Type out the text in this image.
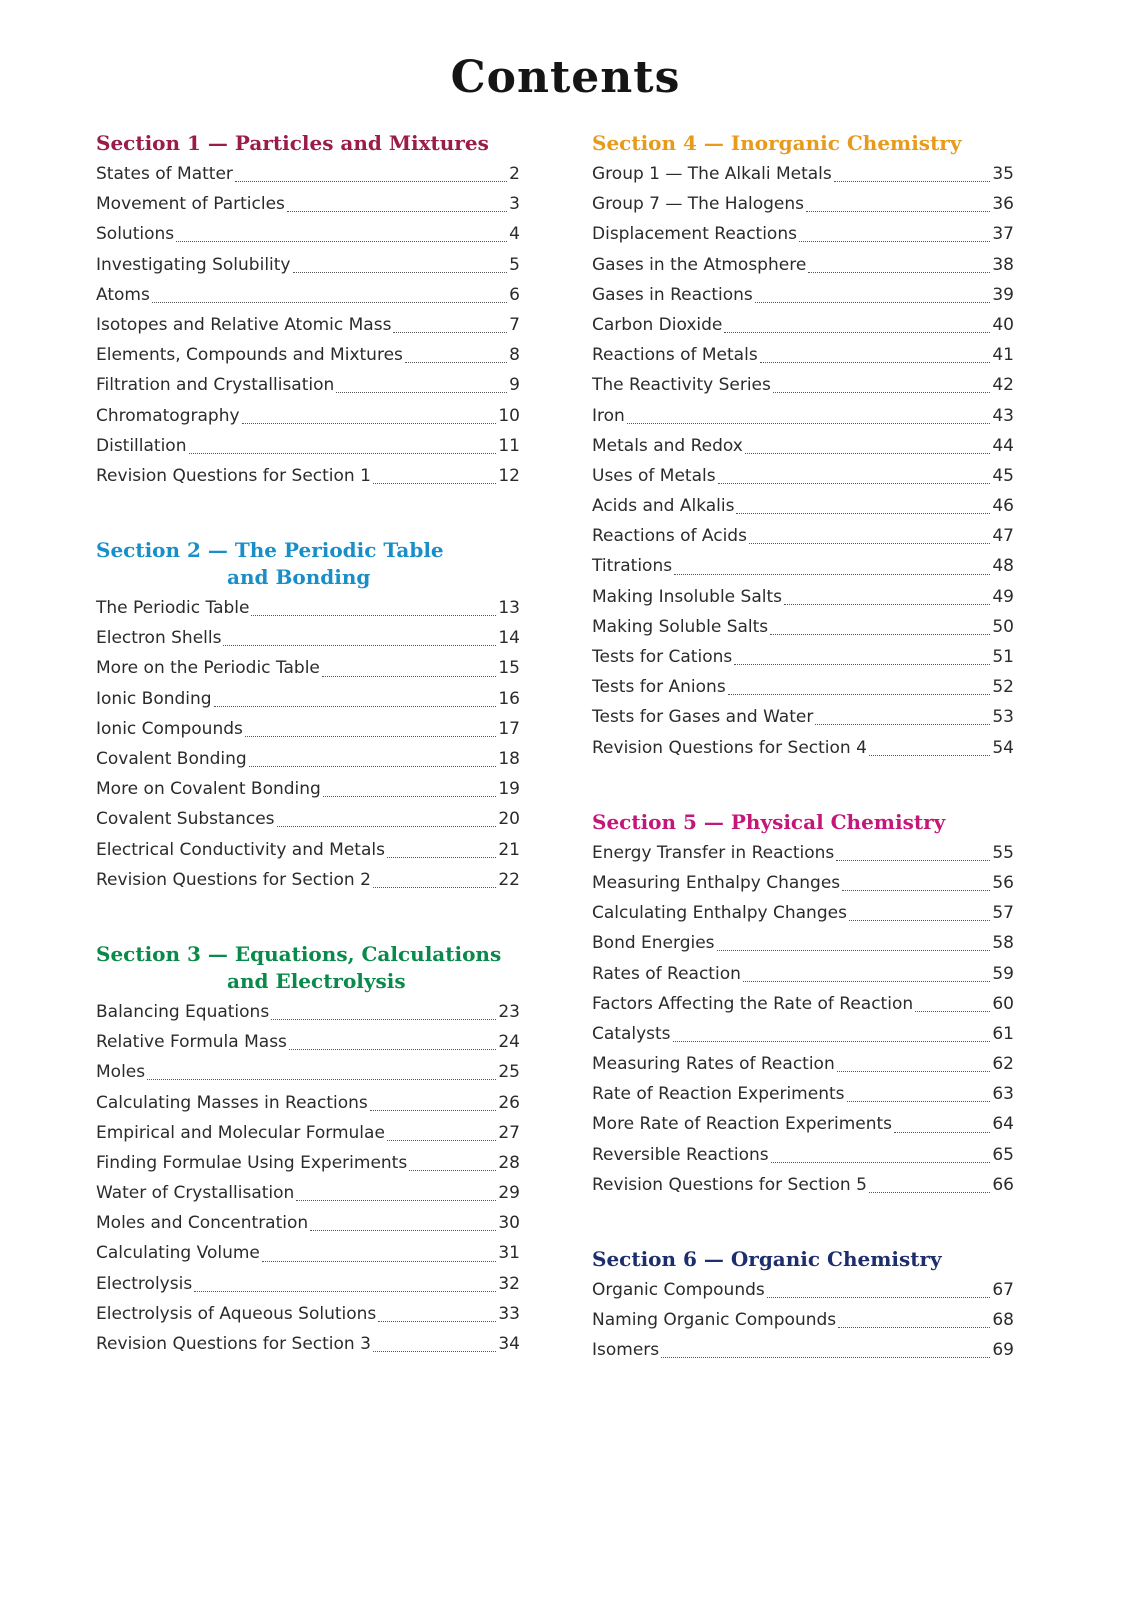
Contents
Section 1 — Particles and Mixtures
States of Matter	2
Movement of Particles	3
Solutions	4
Investigating Solubility	5
Atoms	6
Isotopes and Relative Atomic Mass	7
Elements, Compounds and Mixtures	8
Filtration and Crystallisation	9
Chromatography	10
Distillation	11
Revision Questions for Section 1	12
Section 2 — The Periodic Table
and Bonding
The Periodic Table	13
Electron Shells	14
More on the Periodic Table	15
Ionic Bonding	16
Ionic Compounds	17
Covalent Bonding	18
More on Covalent Bonding	19
Covalent Substances	20
Electrical Conductivity and Metals	21
Revision Questions for Section 2	22
Section 3 — Equations, Calculations
and Electrolysis
Balancing Equations	23
Relative Formula Mass	24
Moles	25
Calculating Masses in Reactions	26
Empirical and Molecular Formulae	27
Finding Formulae Using Experiments	28
Water of Crystallisation	29
Moles and Concentration	30
Calculating Volume	31
Electrolysis	32
Electrolysis of Aqueous Solutions	33
Revision Questions for Section 3	34
Section 4 — Inorganic Chemistry
Group 1 — The Alkali Metals	35
Group 7 — The Halogens	36
Displacement Reactions	37
Gases in the Atmosphere	38
Gases in Reactions	39
Carbon Dioxide	40
Reactions of Metals	41
The Reactivity Series	42
Iron	43
Metals and Redox	44
Uses of Metals	45
Acids and Alkalis	46
Reactions of Acids	47
Titrations	48
Making Insoluble Salts	49
Making Soluble Salts	50
Tests for Cations	51
Tests for Anions	52
Tests for Gases and Water	53
Revision Questions for Section 4	54
Section 5 — Physical Chemistry
Energy Transfer in Reactions	55
Measuring Enthalpy Changes	56
Calculating Enthalpy Changes	57
Bond Energies	58
Rates of Reaction	59
Factors Affecting the Rate of Reaction	60
Catalysts	61
Measuring Rates of Reaction	62
Rate of Reaction Experiments	63
More Rate of Reaction Experiments	64
Reversible Reactions	65
Revision Questions for Section 5	66
Section 6 — Organic Chemistry
Organic Compounds	67
Naming Organic Compounds	68
Isomers	69
